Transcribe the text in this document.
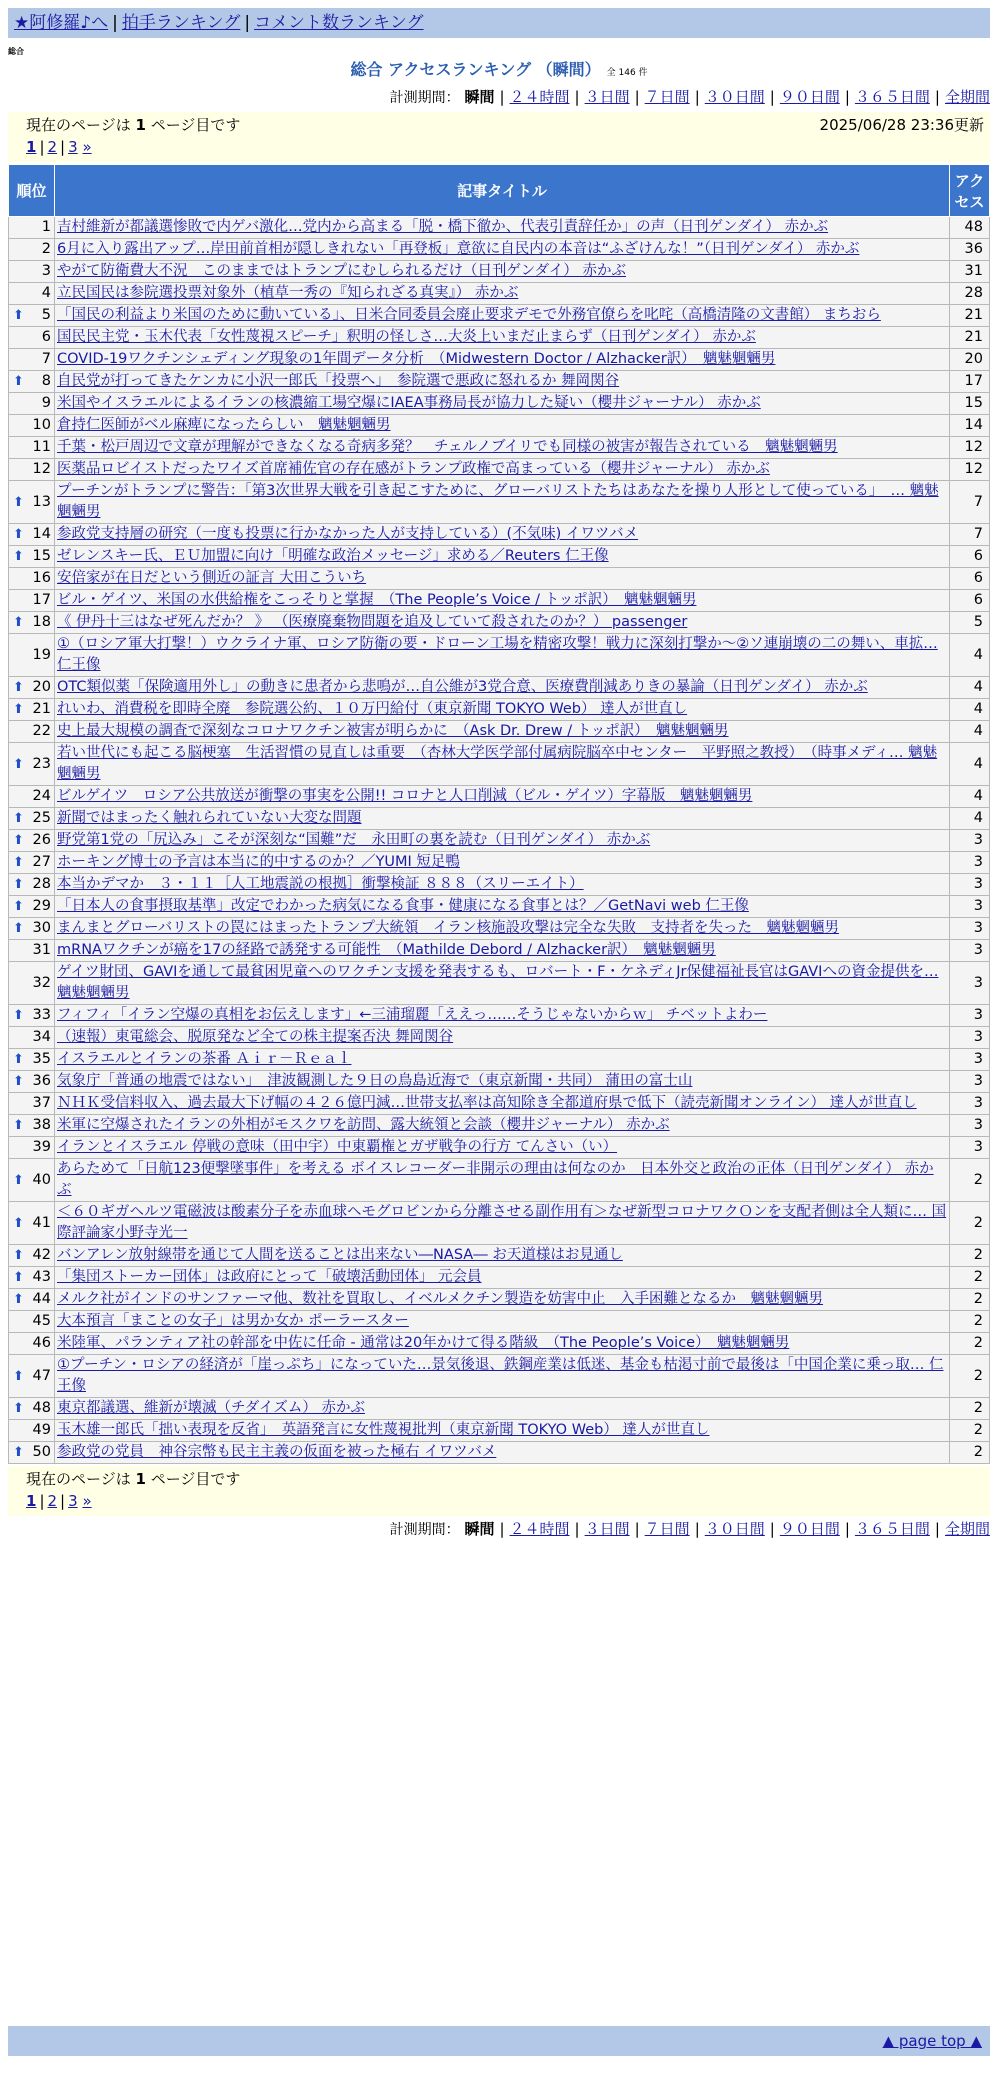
★阿修羅♪へ | 拍手ランキング | コメント数ランキング
総合
総合 アクセスランキング （瞬間） 全 146 件
計測期間： 瞬間 | ２４時間 | ３日間 | ７日間 | ３０日間 | ９０日間 | ３６５日間 | 全期間
現在のページは 1 ページ目です	2025/06/28 23:36更新
1 | 2 | 3 »
順位	記事タイトル	アクセス
1	吉村維新が都議選惨敗で内ゲバ激化…党内から高まる「脱・橋下徹か、代表引責辞任か」の声（日刊ゲンダイ） 赤かぶ	48
2	6月に入り露出アップ…岸田前首相が隠しきれない「再登板」意欲に自民内の本音は“ふざけんな！”（日刊ゲンダイ） 赤かぶ	36
3	やがて防衛費大不況　このままではトランプにむしられるだけ（日刊ゲンダイ） 赤かぶ	31
4	立民国民は参院選投票対象外（植草一秀の『知られざる真実』） 赤かぶ	28

⬆ 5	「国民の利益より米国のために動いている」、日米合同委員会廃止要求デモで外務官僚らを叱咤（高橋清隆の文書館） まちおら	21
6	国民民主党・玉木代表「女性蔑視スピーチ」釈明の怪しさ…大炎上いまだ止まらず（日刊ゲンダイ） 赤かぶ	21
7	COVID-19ワクチンシェディング現象の1年間データ分析　（Midwestern Doctor / Alzhacker訳）　魑魅魍魎男	20

⬆ 8	自民党が打ってきたケンカに小沢一郎氏「投票へ」　参院選で悪政に怒れるか 舞岡関谷	17
9	米国やイスラエルによるイランの核濃縮工場空爆にIAEA事務局長が協力した疑い（櫻井ジャーナル） 赤かぶ	15
10	倉持仁医師がベル麻痺になったらしい　魑魅魍魎男	14
11	千葉・松戸周辺で文章が理解ができなくなる奇病多発？　チェルノブイリでも同様の被害が報告されている　魑魅魍魎男	12
12	医薬品ロビイストだったワイズ首席補佐官の存在感がトランプ政権で高まっている（櫻井ジャーナル） 赤かぶ	12

⬆ 13	プーチンがトランプに警告：「第3次世界大戦を引き起こすために、グローバリストたちはあなたを操り人形として使っている」　… 魑魅魍魎男	7

⬆ 14	参政党支持層の研究（一度も投票に行かなかった人が支持している）(不気味) イワツバメ	7

⬆ 15	ゼレンスキー氏、ＥＵ加盟に向け「明確な政治メッセージ」求める／Reuters 仁王像	6
16	安倍家が在日だという側近の証言 大田こういち	6
17	ビル・ゲイツ、米国の水供給権をこっそりと掌握　（The People’s Voice / トッポ訳）　魑魅魍魎男	6

⬆ 18	《 伊丹十三はなぜ死んだか？ 》 （医療廃棄物問題を追及していて殺されたのか？） passenger	5
19	①（ロシア軍大打撃！）ウクライナ軍、ロシア防衛の要・ドローン工場を精密攻撃！戦力に深刻打撃か～②ソ連崩壊の二の舞い、車拡… 仁王像	4

⬆ 20	OTC類似薬「保険適用外し」の動きに患者から悲鳴が…自公維が3党合意、医療費削減ありきの暴論（日刊ゲンダイ） 赤かぶ	4

⬆ 21	れいわ、消費税を即時全廃　参院選公約、１０万円給付（東京新聞 TOKYO Web） 達人が世直し	4
22	史上最大規模の調査で深刻なコロナワクチン被害が明らかに　（Ask Dr. Drew / トッポ訳）　魑魅魍魎男	4

⬆ 23	若い世代にも起こる脳梗塞　生活習慣の見直しは重要　（杏林大学医学部付属病院脳卒中センター　平野照之教授）　（時事メディ… 魑魅魍魎男	4
24	ビルゲイツ　ロシア公共放送が衝撃の事実を公開!! コロナと人口削減（ビル・ゲイツ）字幕版　魑魅魍魎男	4

⬆ 25	新聞ではまったく触れられていない大変な問題	4

⬆ 26	野党第1党の「尻込み」こそが深刻な“国難”だ　永田町の裏を読む（日刊ゲンダイ） 赤かぶ	3

⬆ 27	ホーキング博士の予言は本当に的中するのか？／YUMI 短足鴨	3

⬆ 28	本当かデマか　３・１１［人工地震説の根拠］衝撃検証 ８８８（スリーエイト）	3

⬆ 29	「日本人の食事摂取基準」改定でわかった病気になる食事・健康になる食事とは？／GetNavi web 仁王像	3

⬆ 30	まんまとグローバリストの罠にはまったトランプ大統領　イラン核施設攻撃は完全な失敗　支持者を失った　魑魅魍魎男	3
31	mRNAワクチンが癌を17の経路で誘発する可能性　（Mathilde Debord / Alzhacker訳）　魑魅魍魎男	3
32	ゲイツ財団、GAVIを通して最貧困児童へのワクチン支援を発表するも、ロバート・F・ケネディJr保健福祉長官はGAVIへの資金提供を… 魑魅魍魎男	3

⬆ 33	フィフィ「イラン空爆の真相をお伝えします」←三浦瑠麗「ええっ……そうじゃないからｗ」 チベットよわー	3
34	（速報）東電総会、脱原発など全ての株主提案否決 舞岡関谷	3

⬆ 35	イスラエルとイランの茶番 Ａｉｒ－Ｒｅａｌ	3

⬆ 36	気象庁「普通の地震ではない」　津波観測した９日の鳥島近海で（東京新聞・共同） 蒲田の富士山	3
37	ＮＨＫ受信料収入、過去最大下げ幅の４２６億円減…世帯支払率は高知除き全都道府県で低下（読売新聞オンライン） 達人が世直し	3

⬆ 38	米軍に空爆されたイランの外相がモスクワを訪問、露大統領と会談（櫻井ジャーナル） 赤かぶ	3
39	イランとイスラエル 停戦の意味（田中宇）中東覇権とガザ戦争の行方 てんさい（い）	3

⬆ 40	あらためて「日航123便撃墜事件」を考える ボイスレコーダー非開示の理由は何なのか　日本外交と政治の正体（日刊ゲンダイ） 赤かぶ	2

⬆ 41	＜６０ギガヘルツ電磁波は酸素分子を赤血球ヘモグロビンから分離させる副作用有＞なぜ新型コロナワクＯンを支配者側は全人類に… 国際評論家小野寺光一	2

⬆ 42	バンアレン放射線帯を通じて人間を送ることは出来ない―NASA― お天道様はお見通し	2

⬆ 43	「集団ストーカー団体」は政府にとって「破壊活動団体」 元会員	2

⬆ 44	メルク社がインドのサンファーマ他、数社を買取し、イベルメクチン製造を妨害中止　入手困難となるか　魑魅魍魎男	2
45	大本預言「まことの女子」は男か女か ポーラースター	2
46	米陸軍、パランティア社の幹部を中佐に任命 - 通常は20年かけて得る階級　（The People’s Voice）　魑魅魍魎男	2

⬆ 47	①プーチン・ロシアの経済が「崖っぷち」になっていた…景気後退、鉄鋼産業は低迷、基金も枯渇寸前で最後は「中国企業に乗っ取… 仁王像	2

⬆ 48	東京都議選、維新が壊滅（チダイズム） 赤かぶ	2
49	玉木雄一郎氏「拙い表現を反省」　英語発言に女性蔑視批判（東京新聞 TOKYO Web） 達人が世直し	2

⬆ 50	参政党の党員　神谷宗幣も民主主義の仮面を被った極右 イワツバメ	2
現在のページは 1 ページ目です
1 | 2 | 3 »
計測期間： 瞬間 | ２４時間 | ３日間 | ７日間 | ３０日間 | ９０日間 | ３６５日間 | 全期間
▲ page top ▲
